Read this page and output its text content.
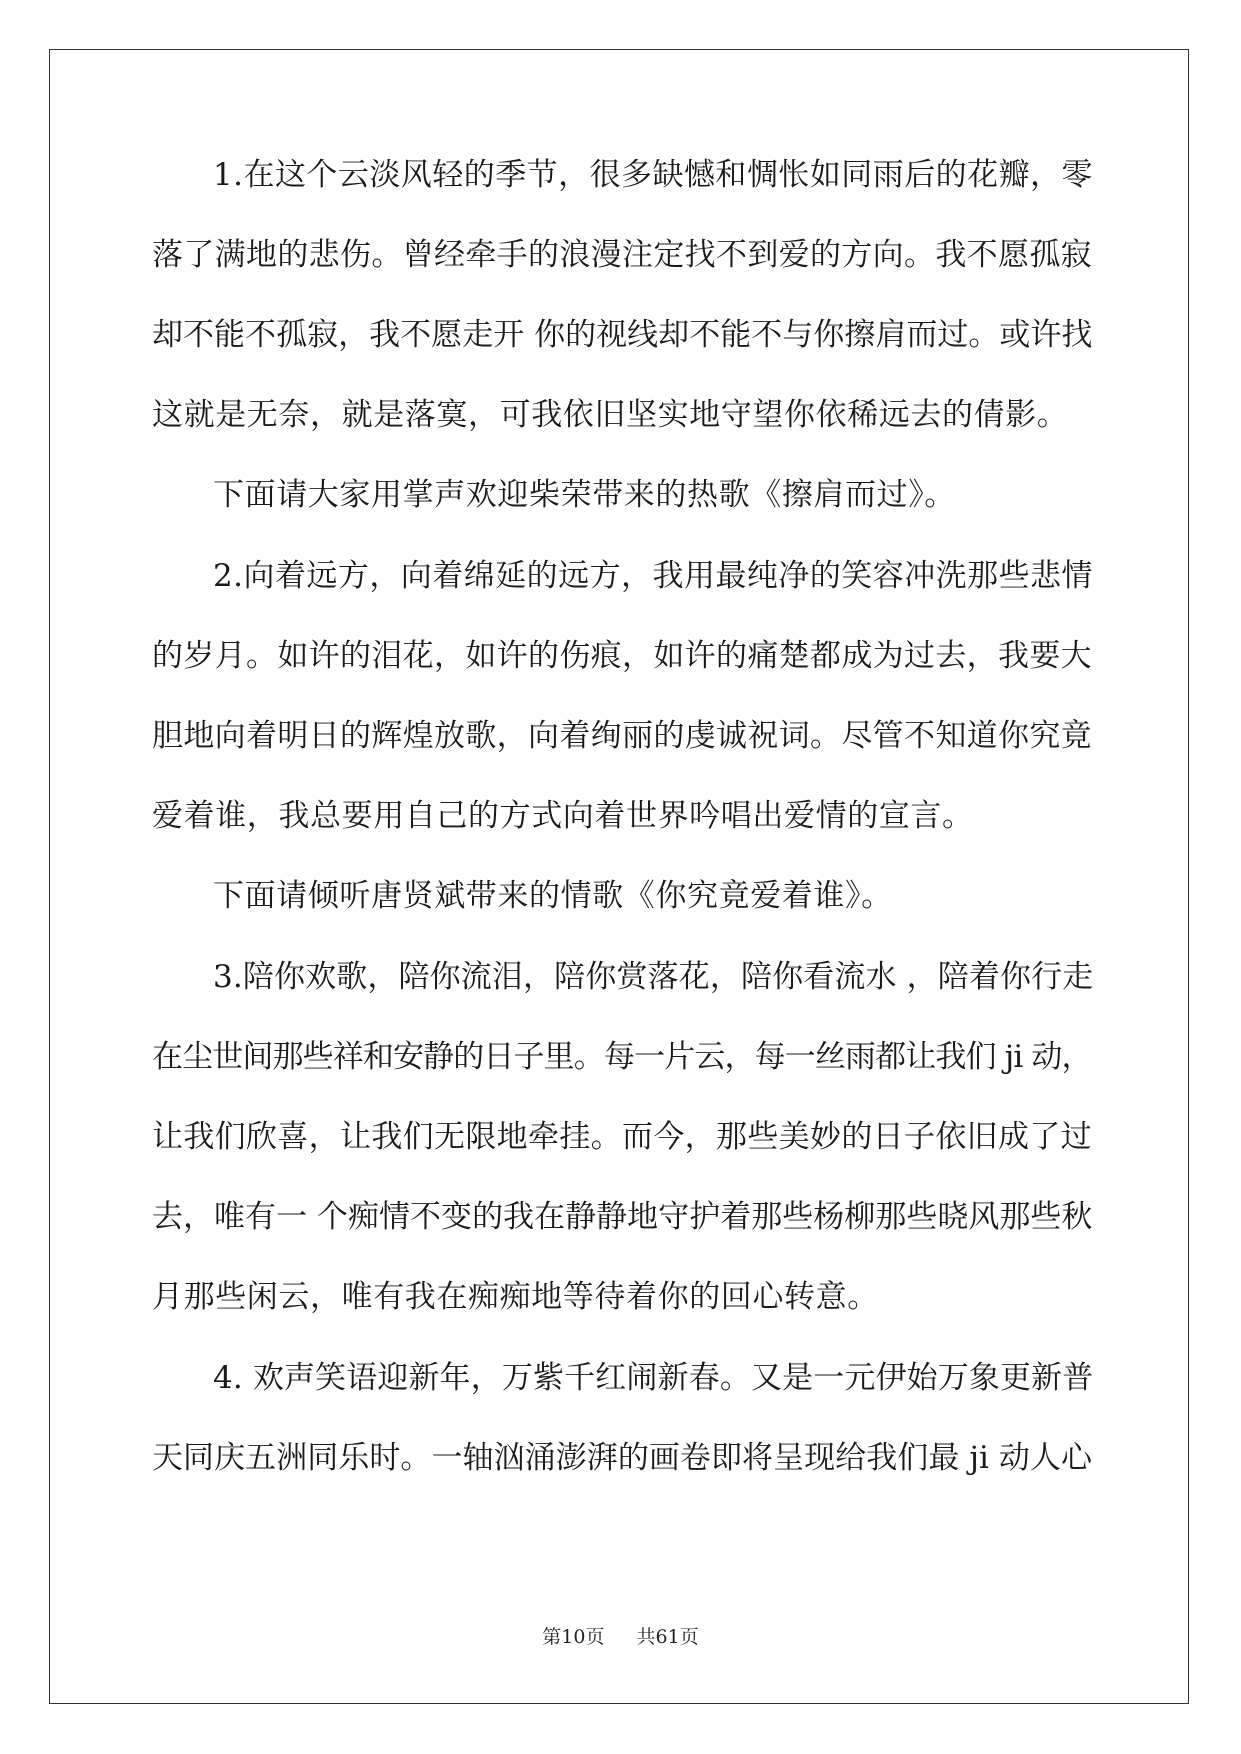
1.在这个云淡风轻的季节，很多缺憾和惆怅如同雨后的花瓣，零
落了满地的悲伤。曾经牵手的浪漫注定找不到爱的方向。我不愿孤寂
却不能不孤寂，我不愿走开 你的视线却不能不与你擦肩而过。或许找
这就是无奈，就是落寞，可我依旧坚实地守望你依稀远去的倩影。
下面请大家用掌声欢迎柴荣带来的热歌《擦肩而过》。
2.向着远方，向着绵延的远方，我用最纯净的笑容冲洗那些悲情
的岁月。如许的泪花，如许的伤痕，如许的痛楚都成为过去，我要大
胆地向着明日的辉煌放歌，向着绚丽的虔诚祝词。尽管不知道你究竟
爱着谁，我总要用自己的方式向着世界吟唱出爱情的宣言。
下面请倾听唐贤斌带来的情歌《你究竟爱着谁》。
3.陪你欢歌，陪你流泪，陪你赏落花，陪你看流水 ，陪着你行走
在尘世间那些祥和安静的日子里。每一片云，每一丝雨都让我们 ji 动，
让我们欣喜，让我们无限地牵挂。而今，那些美妙的日子依旧成了过
去，唯有一 个痴情不变的我在静静地守护着那些杨柳那些晓风那些秋
月那些闲云，唯有我在痴痴地等待着你的回心转意。
4. 欢声笑语迎新年，万紫千红闹新春。又是一元伊始万象更新普
天同庆五洲同乐时。一轴汹涌澎湃的画卷即将呈现给我们最 ji 动人心
第10页 共61页
